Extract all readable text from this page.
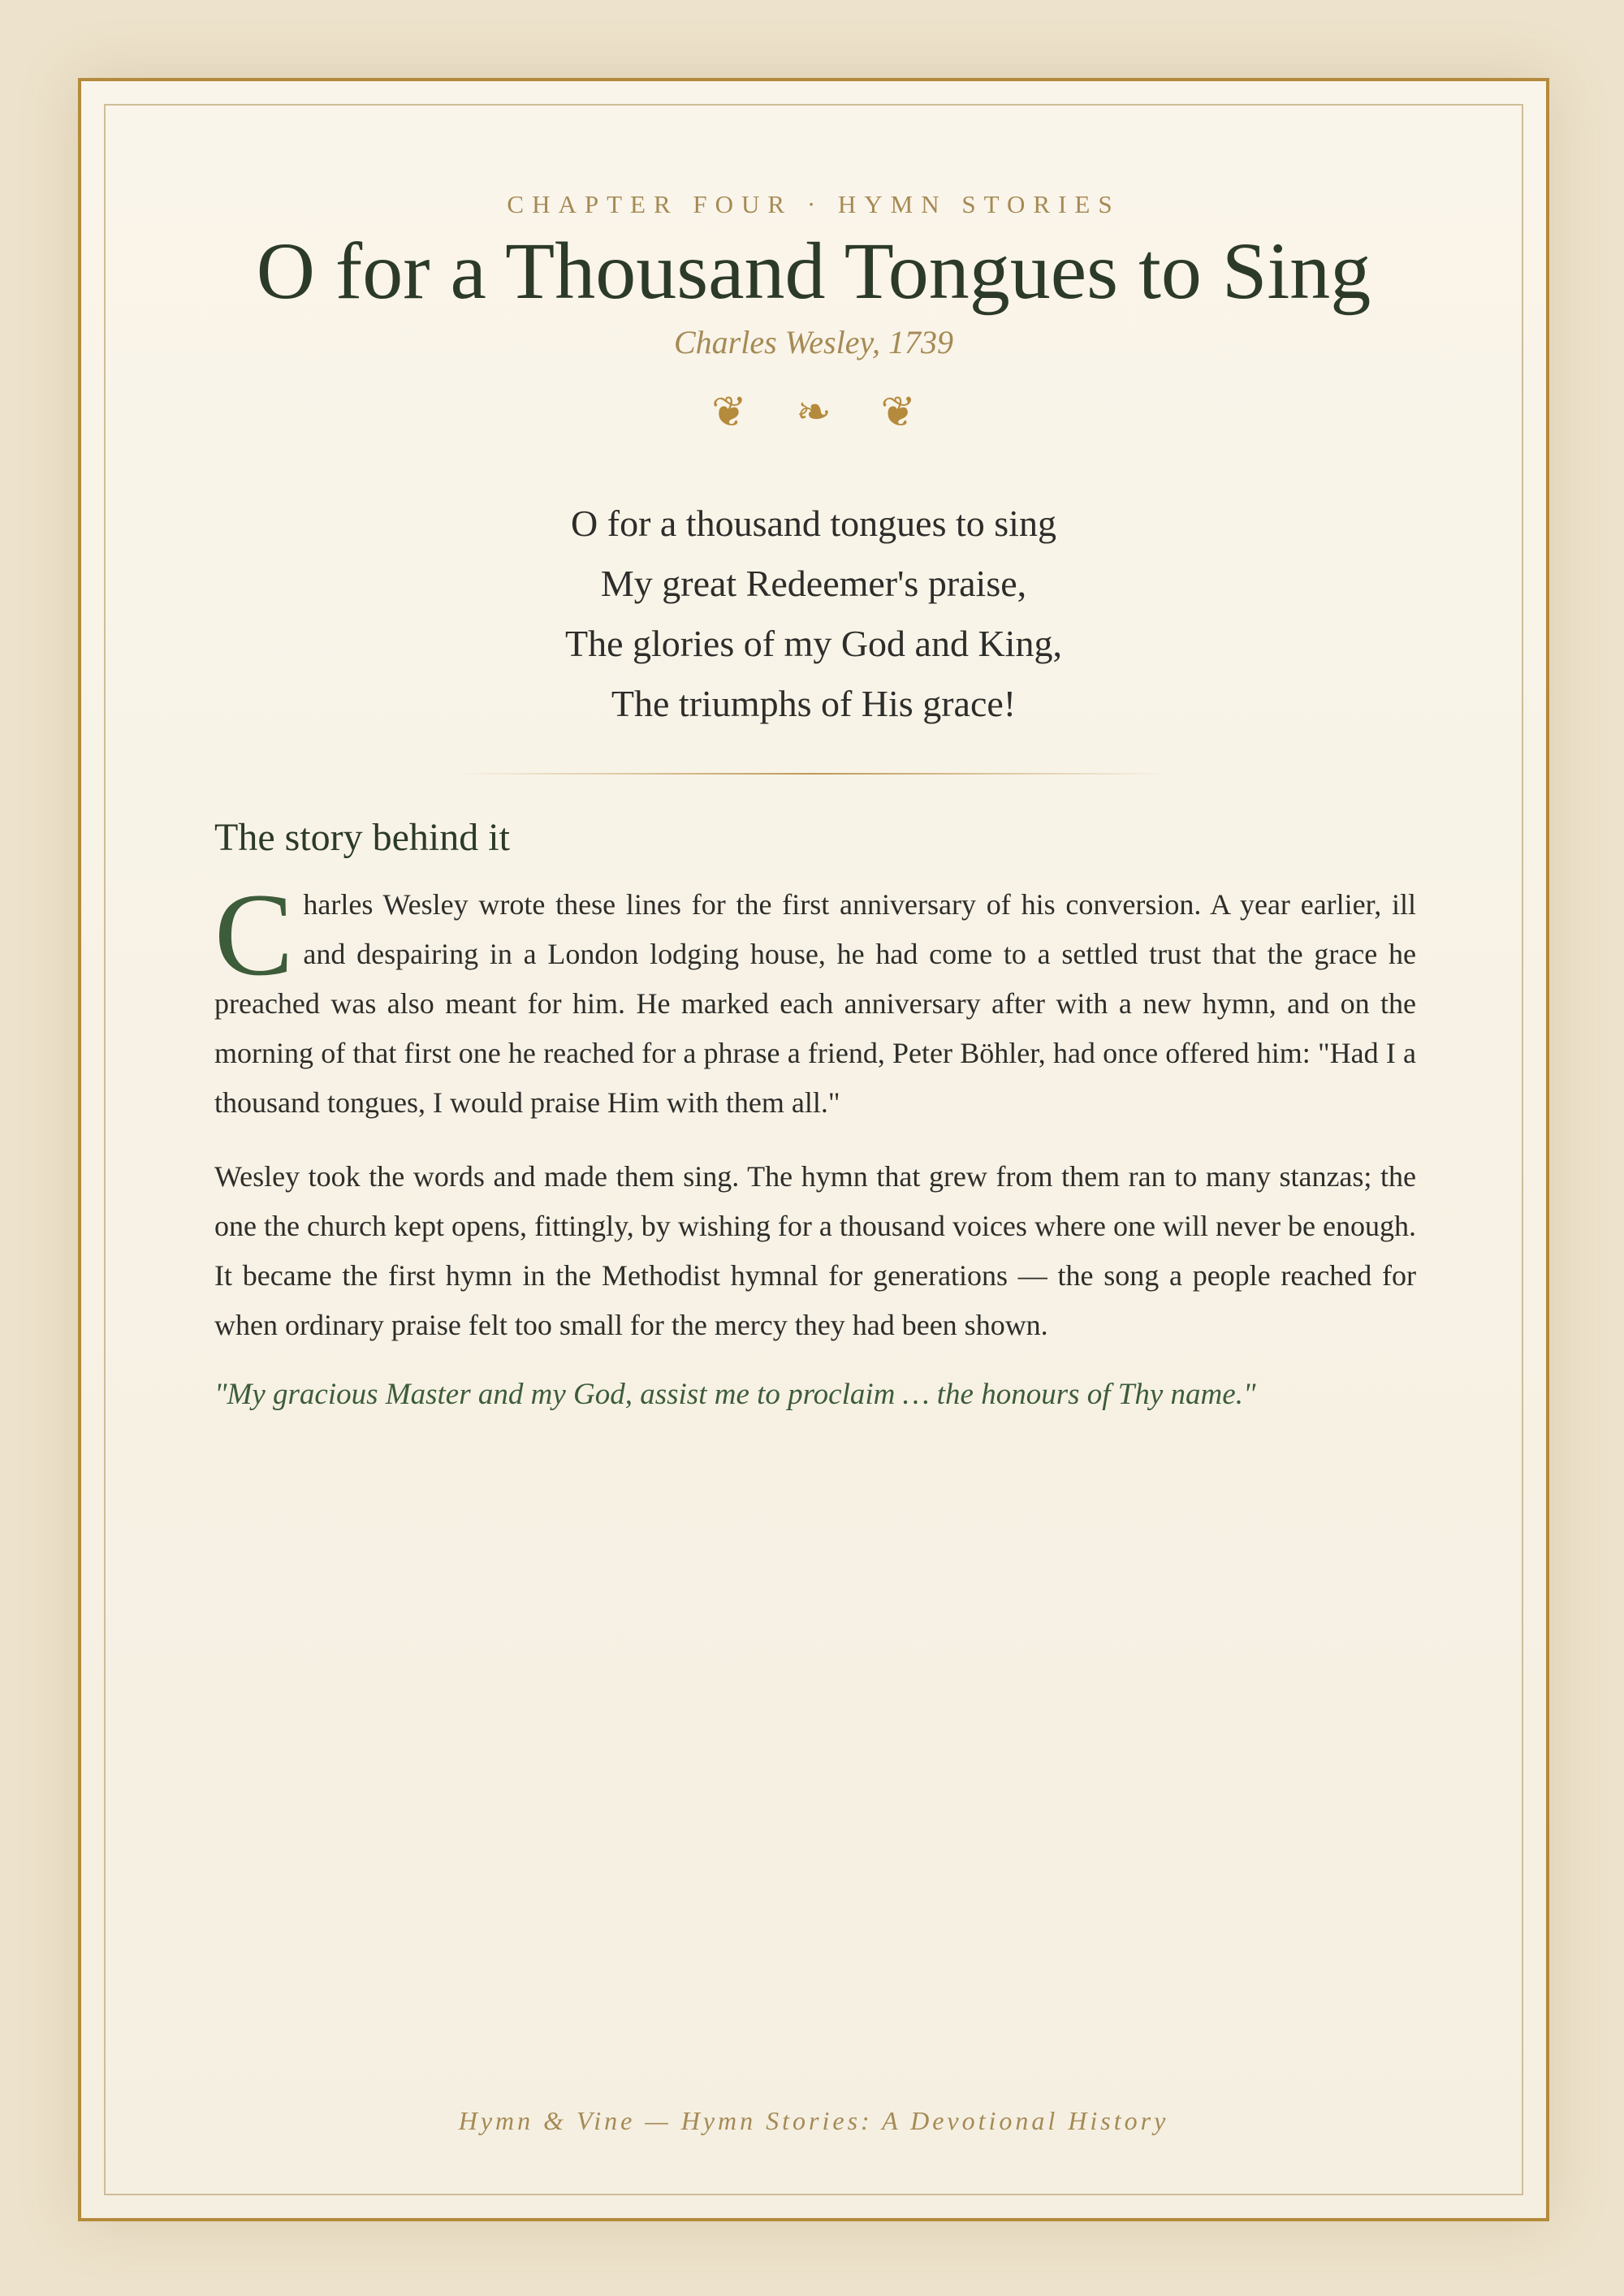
CHAPTER FOUR · HYMN STORIES
O for a Thousand Tongues to Sing
Charles Wesley, 1739
❦ ❧ ❦
O for a thousand tongues to sing
My great Redeemer's praise,
The glories of my God and King,
The triumphs of His grace!
The story behind it

Charles Wesley wrote these lines for the first anniversary of his conversion. A year earlier, ill and despairing in a London lodging house, he had come to a settled trust that the grace he preached was also meant for him. He marked each anniversary after with a new hymn, and on the morning of that first one he reached for a phrase a friend, Peter Böhler, had once offered him: "Had I a thousand tongues, I would praise Him with them all."

Wesley took the words and made them sing. The hymn that grew from them ran to many stanzas; the one the church kept opens, fittingly, by wishing for a thousand voices where one will never be enough. It became the first hymn in the Methodist hymnal for generations — the song a people reached for when ordinary praise felt too small for the mercy they had been shown.

"My gracious Master and my God, assist me to proclaim … the honours of Thy name."

Hymn & Vine — Hymn Stories: A Devotional History
